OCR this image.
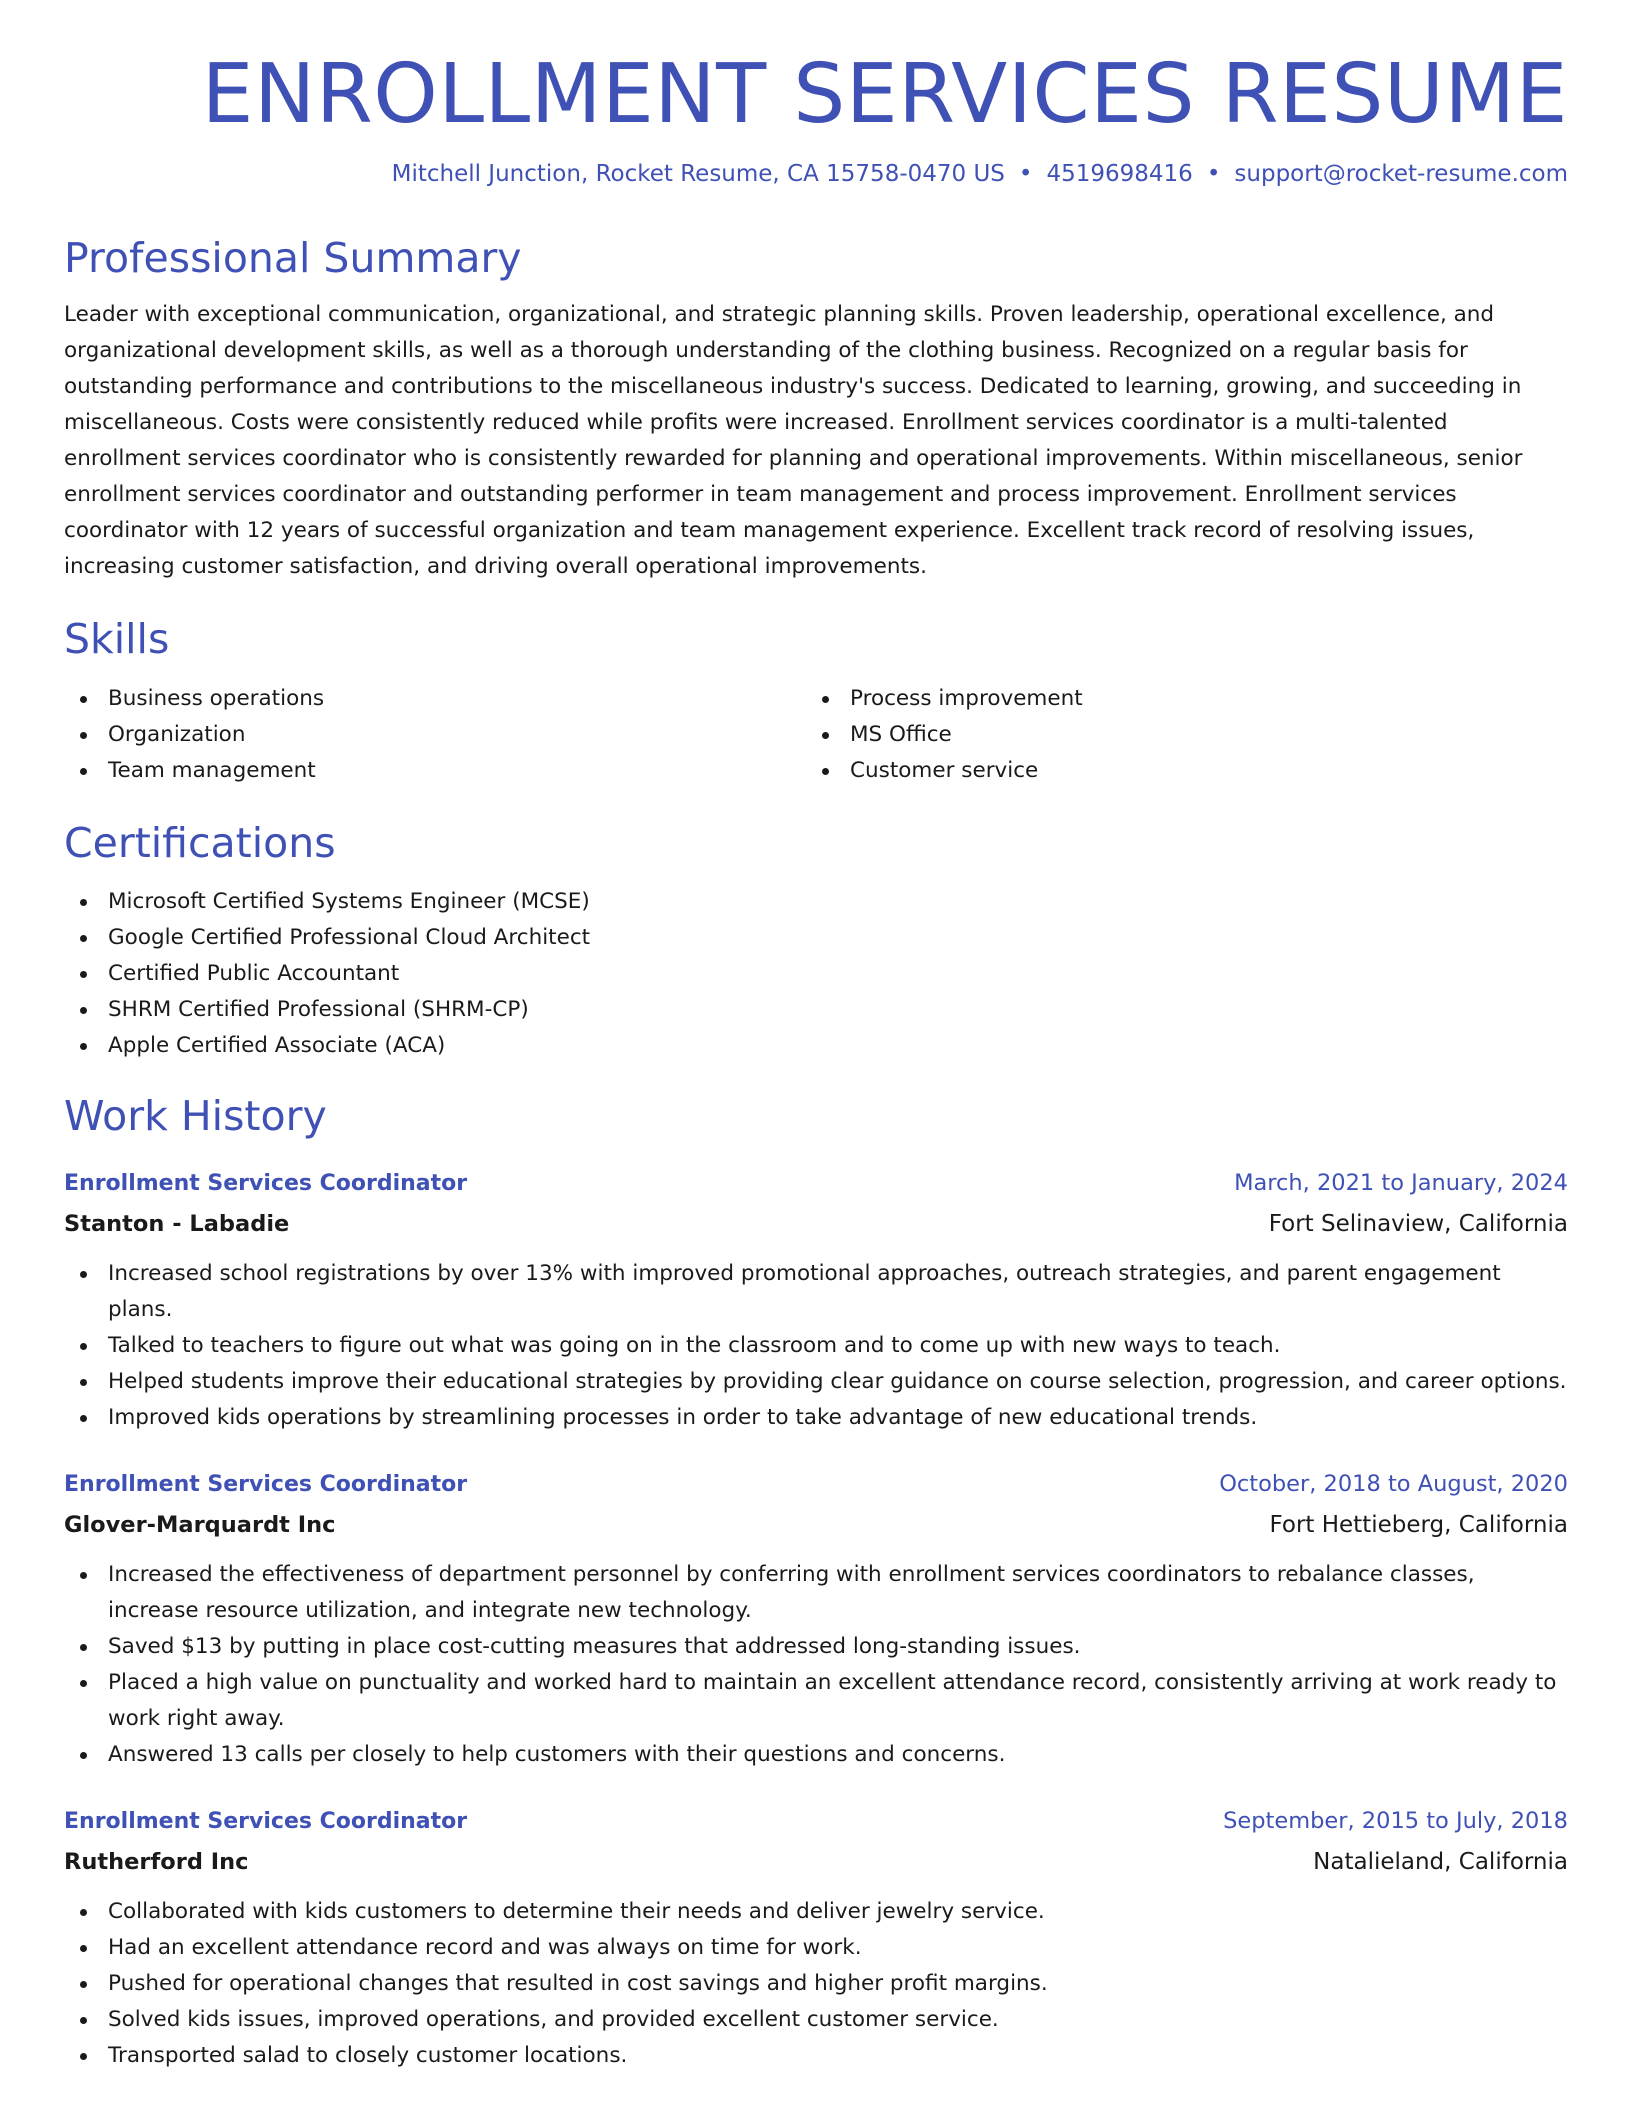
ENROLLMENT SERVICES RESUME
Mitchell Junction, Rocket Resume, CA 15758-0470 US • 4519698416 • support@rocket-resume.com
Professional Summary

Leader with exceptional communication, organizational, and strategic planning skills. Proven leadership, operational excellence, and organizational development skills, as well as a thorough understanding of the clothing business. Recognized on a regular basis for outstanding performance and contributions to the miscellaneous industry's success. Dedicated to learning, growing, and succeeding in miscellaneous. Costs were consistently reduced while profits were increased. Enrollment services coordinator is a multi-talented enrollment services coordinator who is consistently rewarded for planning and operational improvements. Within miscellaneous, senior enrollment services coordinator and outstanding performer in team management and process improvement. Enrollment services coordinator with 12 years of successful organization and team management experience. Excellent track record of resolving issues, increasing customer satisfaction, and driving overall operational improvements.

Skills
Business operations
Organization
Team management
Process improvement
MS Office
Customer service
Certifications
Microsoft Certified Systems Engineer (MCSE)
Google Certified Professional Cloud Architect
Certified Public Accountant
SHRM Certified Professional (SHRM-CP)
Apple Certified Associate (ACA)
Work History
Enrollment Services Coordinator	March, 2021 to January, 2024
Stanton - Labadie	Fort Selinaview, California
Increased school registrations by over 13% with improved promotional approaches, outreach strategies, and parent engagement plans.
Talked to teachers to figure out what was going on in the classroom and to come up with new ways to teach.
Helped students improve their educational strategies by providing clear guidance on course selection, progression, and career options.
Improved kids operations by streamlining processes in order to take advantage of new educational trends.
Enrollment Services Coordinator	October, 2018 to August, 2020
Glover-Marquardt Inc	Fort Hettieberg, California
Increased the effectiveness of department personnel by conferring with enrollment services coordinators to rebalance classes, increase resource utilization, and integrate new technology.
Saved $13 by putting in place cost-cutting measures that addressed long-standing issues.
Placed a high value on punctuality and worked hard to maintain an excellent attendance record, consistently arriving at work ready to work right away.
Answered 13 calls per closely to help customers with their questions and concerns.
Enrollment Services Coordinator	September, 2015 to July, 2018
Rutherford Inc	Natalieland, California
Collaborated with kids customers to determine their needs and deliver jewelry service.
Had an excellent attendance record and was always on time for work.
Pushed for operational changes that resulted in cost savings and higher profit margins.
Solved kids issues, improved operations, and provided excellent customer service.
Transported salad to closely customer locations.
